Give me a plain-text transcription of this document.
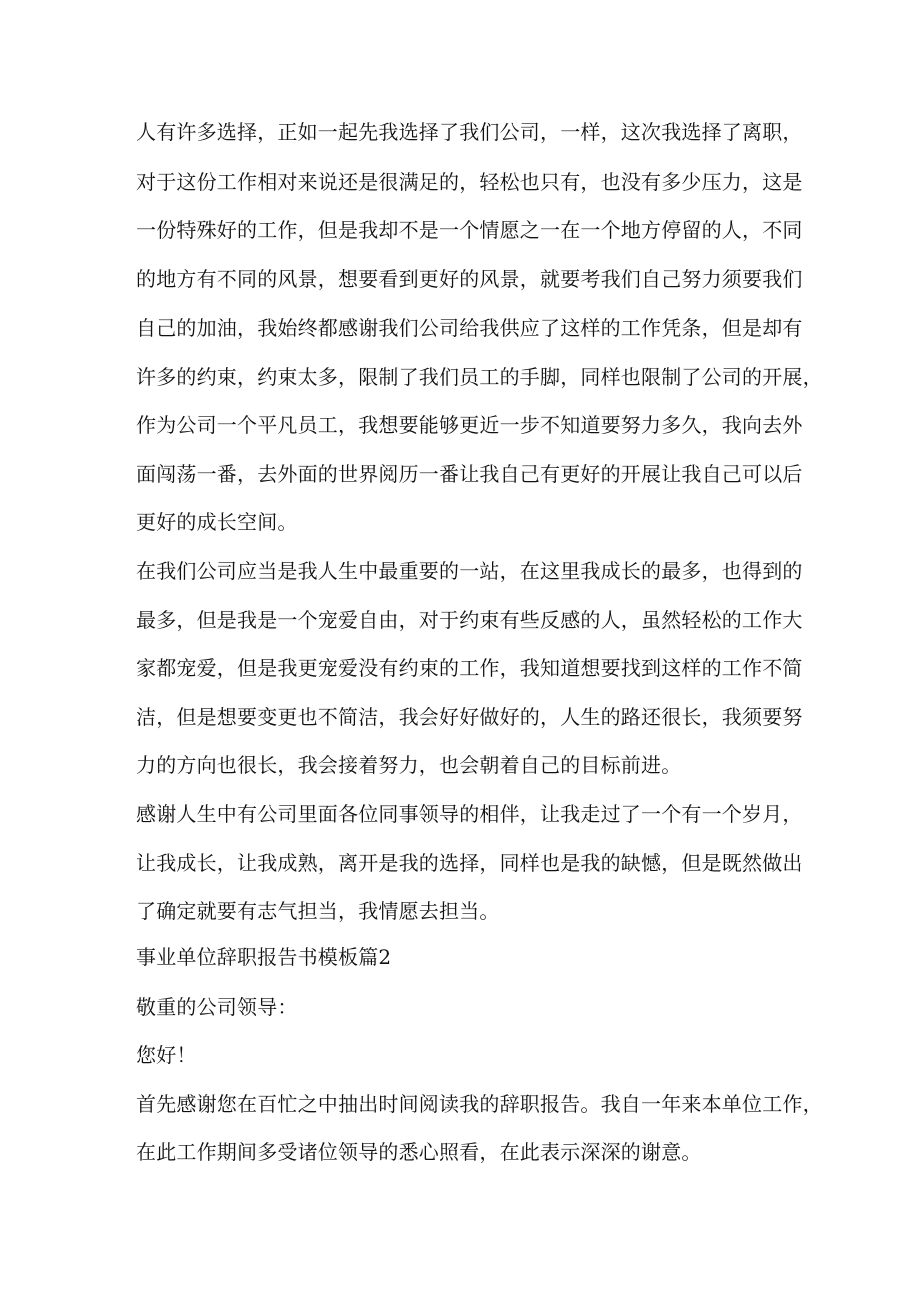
人有许多选择，正如一起先我选择了我们公司，一样，这次我选择了离职，
对于这份工作相对来说还是很满足的，轻松也只有，也没有多少压力，这是
一份特殊好的工作，但是我却不是一个情愿之一在一个地方停留的人，不同
的地方有不同的风景，想要看到更好的风景，就要考我们自己努力须要我们
自己的加油，我始终都感谢我们公司给我供应了这样的工作凭条，但是却有
许多的约束，约束太多，限制了我们员工的手脚，同样也限制了公司的开展，
作为公司一个平凡员工，我想要能够更近一步不知道要努力多久，我向去外
面闯荡一番，去外面的世界阅历一番让我自己有更好的开展让我自己可以后
更好的成长空间。
在我们公司应当是我人生中最重要的一站，在这里我成长的最多，也得到的
最多，但是我是一个宠爱自由，对于约束有些反感的人，虽然轻松的工作大
家都宠爱，但是我更宠爱没有约束的工作，我知道想要找到这样的工作不简
洁，但是想要变更也不简洁，我会好好做好的，人生的路还很长，我须要努
力的方向也很长，我会接着努力，也会朝着自己的目标前进。
感谢人生中有公司里面各位同事领导的相伴，让我走过了一个有一个岁月，
让我成长，让我成熟，离开是我的选择，同样也是我的缺憾，但是既然做出
了确定就要有志气担当，我情愿去担当。
事业单位辞职报告书模板篇2
敬重的公司领导：
您好！
首先感谢您在百忙之中抽出时间阅读我的辞职报告。我自一年来本单位工作，
在此工作期间多受诸位领导的悉心照看，在此表示深深的谢意。
